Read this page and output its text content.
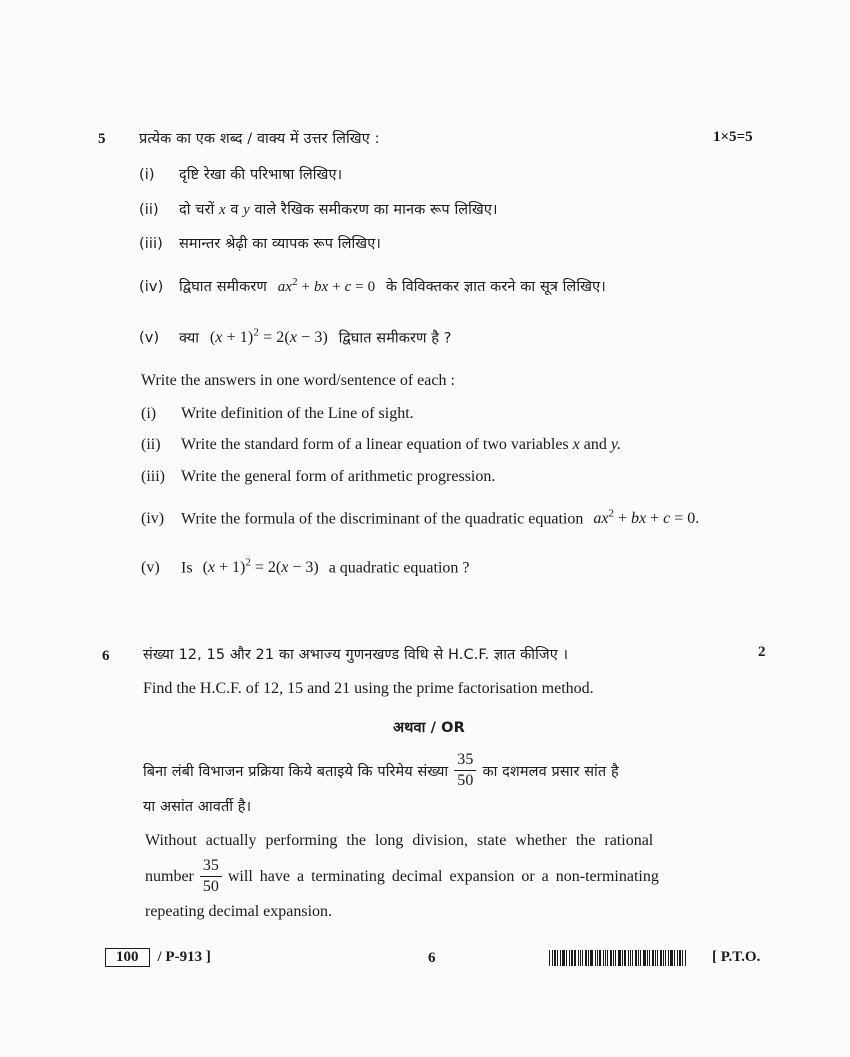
5 प्रत्येक का एक शब्द / वाक्य में उत्तर लिखिए :	1×5=5
(i) दृष्टि रेखा की परिभाषा लिखिए।
(ii) दो चरों x व y वाले रैखिक समीकरण का मानक रूप लिखिए।
(iii) समान्तर श्रेढ़ी का व्यापक रूप लिखिए।
(iv) द्विघात समीकरण $ax^2$ + bx + c = 0 के विविक्तकर ज्ञात करने का सूत्र लिखिए।
(v) क्या $(x + 1)^2 = 2(x - 3)$ द्विघात समीकरण है ?
Write the answers in one word/sentence of each :
(i) Write definition of the Line of sight.
(ii) Write the standard form of a linear equation of two variables x and y.
(iii) Write the general form of arithmetic progression.
(iv) Write the formula of the discriminant of the quadratic equation $ax^2$ + bx + c = 0.
(v) Is $(x + 1)^2 = 2(x - 3)$ a quadratic equation ?
6 संख्या 12, 15 और 21 का अभाज्य गुणनखण्ड विधि से H.C.F. ज्ञात कीजिए ।	2
Find the H.C.F. of 12, 15 and 21 using the prime factorisation method.
अथवा / OR
बिना लंबी विभाजन प्रक्रिया किये बताइये कि परिमेय संख्या $\frac{35}{50}$ का दशमलव प्रसार सांत है
या असांत आवर्ती है।
Without actually performing the long division, state whether the rational
number $\frac{35}{50}$ will have a terminating decimal expansion or a non-terminating
repeating decimal expansion.
100	/ P-913 ]	6	[ P.T.O.
